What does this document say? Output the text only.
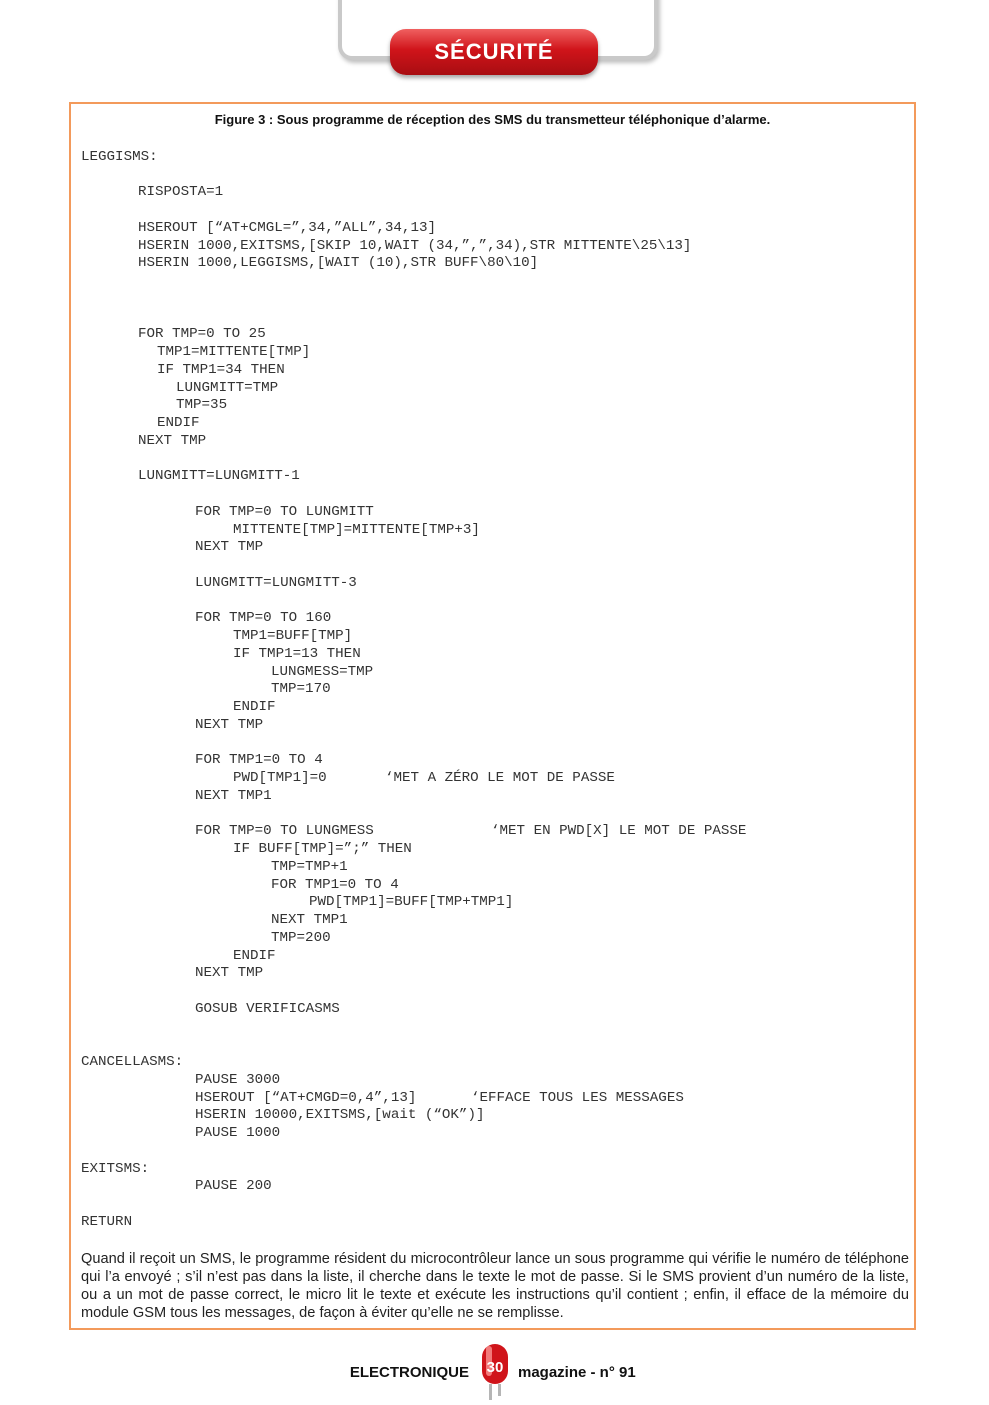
SÉCURITÉ
Figure 3 : Sous programme de réception des SMS du transmetteur téléphonique d’alarme.
LEGGISMS:
RISPOSTA=1
HSEROUT [“AT+CMGL=”,34,”ALL”,34,13]
HSERIN 1000,EXITSMS,[SKIP 10,WAIT (34,”,”,34),STR MITTENTE\25\13]
HSERIN 1000,LEGGISMS,[WAIT (10),STR BUFF\80\10]
FOR TMP=0 TO 25
TMP1=MITTENTE[TMP]
IF TMP1=34 THEN
LUNGMITT=TMP
TMP=35
ENDIF
NEXT TMP
LUNGMITT=LUNGMITT-1
FOR TMP=0 TO LUNGMITT
MITTENTE[TMP]=MITTENTE[TMP+3]
NEXT TMP
LUNGMITT=LUNGMITT-3
FOR TMP=0 TO 160
TMP1=BUFF[TMP]
IF TMP1=13 THEN
LUNGMESS=TMP
TMP=170
ENDIF
NEXT TMP
FOR TMP1=0 TO 4
PWD[TMP1]=0	‘MET A ZÉRO LE MOT DE PASSE
NEXT TMP1
FOR TMP=0 TO LUNGMESS	‘MET EN PWD[X] LE MOT DE PASSE
IF BUFF[TMP]=”;” THEN
TMP=TMP+1
FOR TMP1=0 TO 4
PWD[TMP1]=BUFF[TMP+TMP1]
NEXT TMP1
TMP=200
ENDIF
NEXT TMP
GOSUB VERIFICASMS
CANCELLASMS:
PAUSE 3000
HSEROUT [“AT+CMGD=0,4”,13]	‘EFFACE TOUS LES MESSAGES
HSERIN 10000,EXITSMS,[wait (“OK”)]
PAUSE 1000
EXITSMS:
PAUSE 200
RETURN
Quand il reçoit un SMS, le programme résident du microcontrôleur lance un sous programme qui vérifie le numéro de téléphone qui l’a envoyé ; s’il n’est pas dans la liste, il cherche dans le texte le mot de passe. Si le SMS provient d’un numéro de la liste, ou a un mot de passe correct, le micro lit le texte et exécute les instructions qu’il contient ; enfin, il efface de la mémoire du module GSM tous les messages, de façon à éviter qu’elle ne se remplisse.
ELECTRONIQUE 30 magazine - n° 91
